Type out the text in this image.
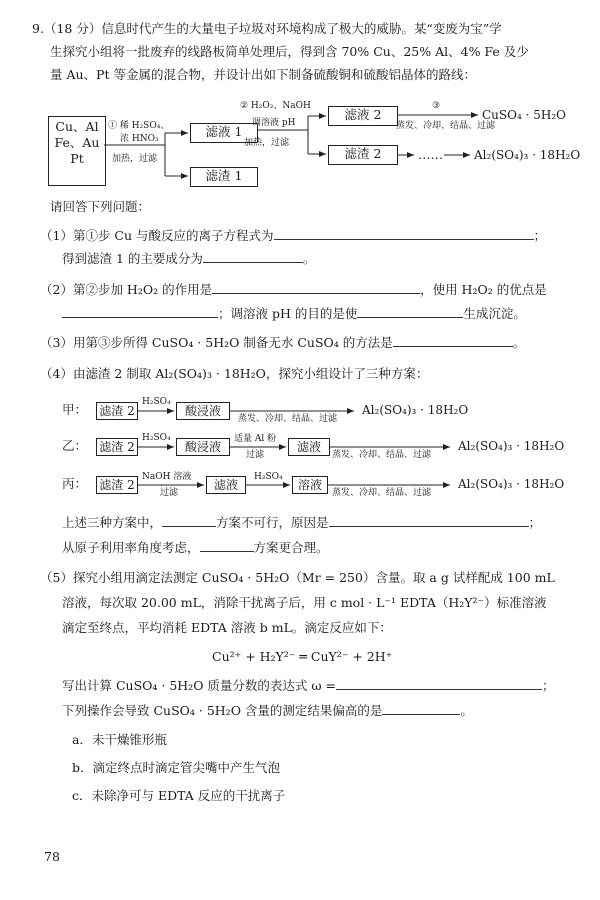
9.（18 分）信息时代产生的大量电子垃圾对环境构成了极大的威胁。某“变废为宝”学
生探究小组将一批废弃的线路板简单处理后，得到含 70% Cu、25% Al、4% Fe 及少
量 Au、Pt 等金属的混合物，并设计出如下制备硫酸铜和硫酸铝晶体的路线：
Cu、Al
Fe、Au
Pt
① 稀 H₂SO₄、
浓 HNO₃
加热，过滤
滤液 1
滤渣 1
② H₂O₂、NaOH
调溶液 pH
加热，过滤
滤液 2
滤渣 2
③
蒸发、冷却、结晶、过滤
CuSO₄ · 5H₂O
……	Al₂(SO₄)₃ · 18H₂O
请回答下列问题：
（1）第①步 Cu 与酸反应的离子方程式为	；
得到滤渣 1 的主要成分为	。
（2）第②步加 H₂O₂ 的作用是	，使用 H₂O₂ 的优点是
；调溶液 pH 的目的是使	生成沉淀。
（3）用第③步所得 CuSO₄ · 5H₂O 制备无水 CuSO₄ 的方法是	。
（4）由滤渣 2 制取 Al₂(SO₄)₃ · 18H₂O，探究小组设计了三种方案：
甲： 滤渣 2
H₂SO₄
酸浸液
蒸发、冷却、结晶、过滤
Al₂(SO₄)₃ · 18H₂O
乙： 滤渣 2
H₂SO₄
酸浸液
适量 Al 粉
过滤
滤液
蒸发、冷却、结晶、过滤
Al₂(SO₄)₃ · 18H₂O
丙： 滤渣 2
NaOH 溶液
过滤
滤液
H₂SO₄
溶液
蒸发、冷却、结晶、过滤
Al₂(SO₄)₃ · 18H₂O
上述三种方案中，	方案不可行，原因是	；
从原子利用率角度考虑，	方案更合理。
（5）探究小组用滴定法测定 CuSO₄ · 5H₂O（Mr = 250）含量。取 a g 试样配成 100 mL
溶液，每次取 20.00 mL，消除干扰离子后，用 c mol · L⁻¹ EDTA（H₂Y²⁻）标准溶液
滴定至终点，平均消耗 EDTA 溶液 b mL。滴定反应如下：
Cu²⁺ + H₂Y²⁻ ═ CuY²⁻ + 2H⁺
写出计算 CuSO₄ · 5H₂O 质量分数的表达式 ω =	；
下列操作会导致 CuSO₄ · 5H₂O 含量的测定结果偏高的是	。
a．未干燥锥形瓶
b．滴定终点时滴定管尖嘴中产生气泡
c．未除净可与 EDTA 反应的干扰离子
78
